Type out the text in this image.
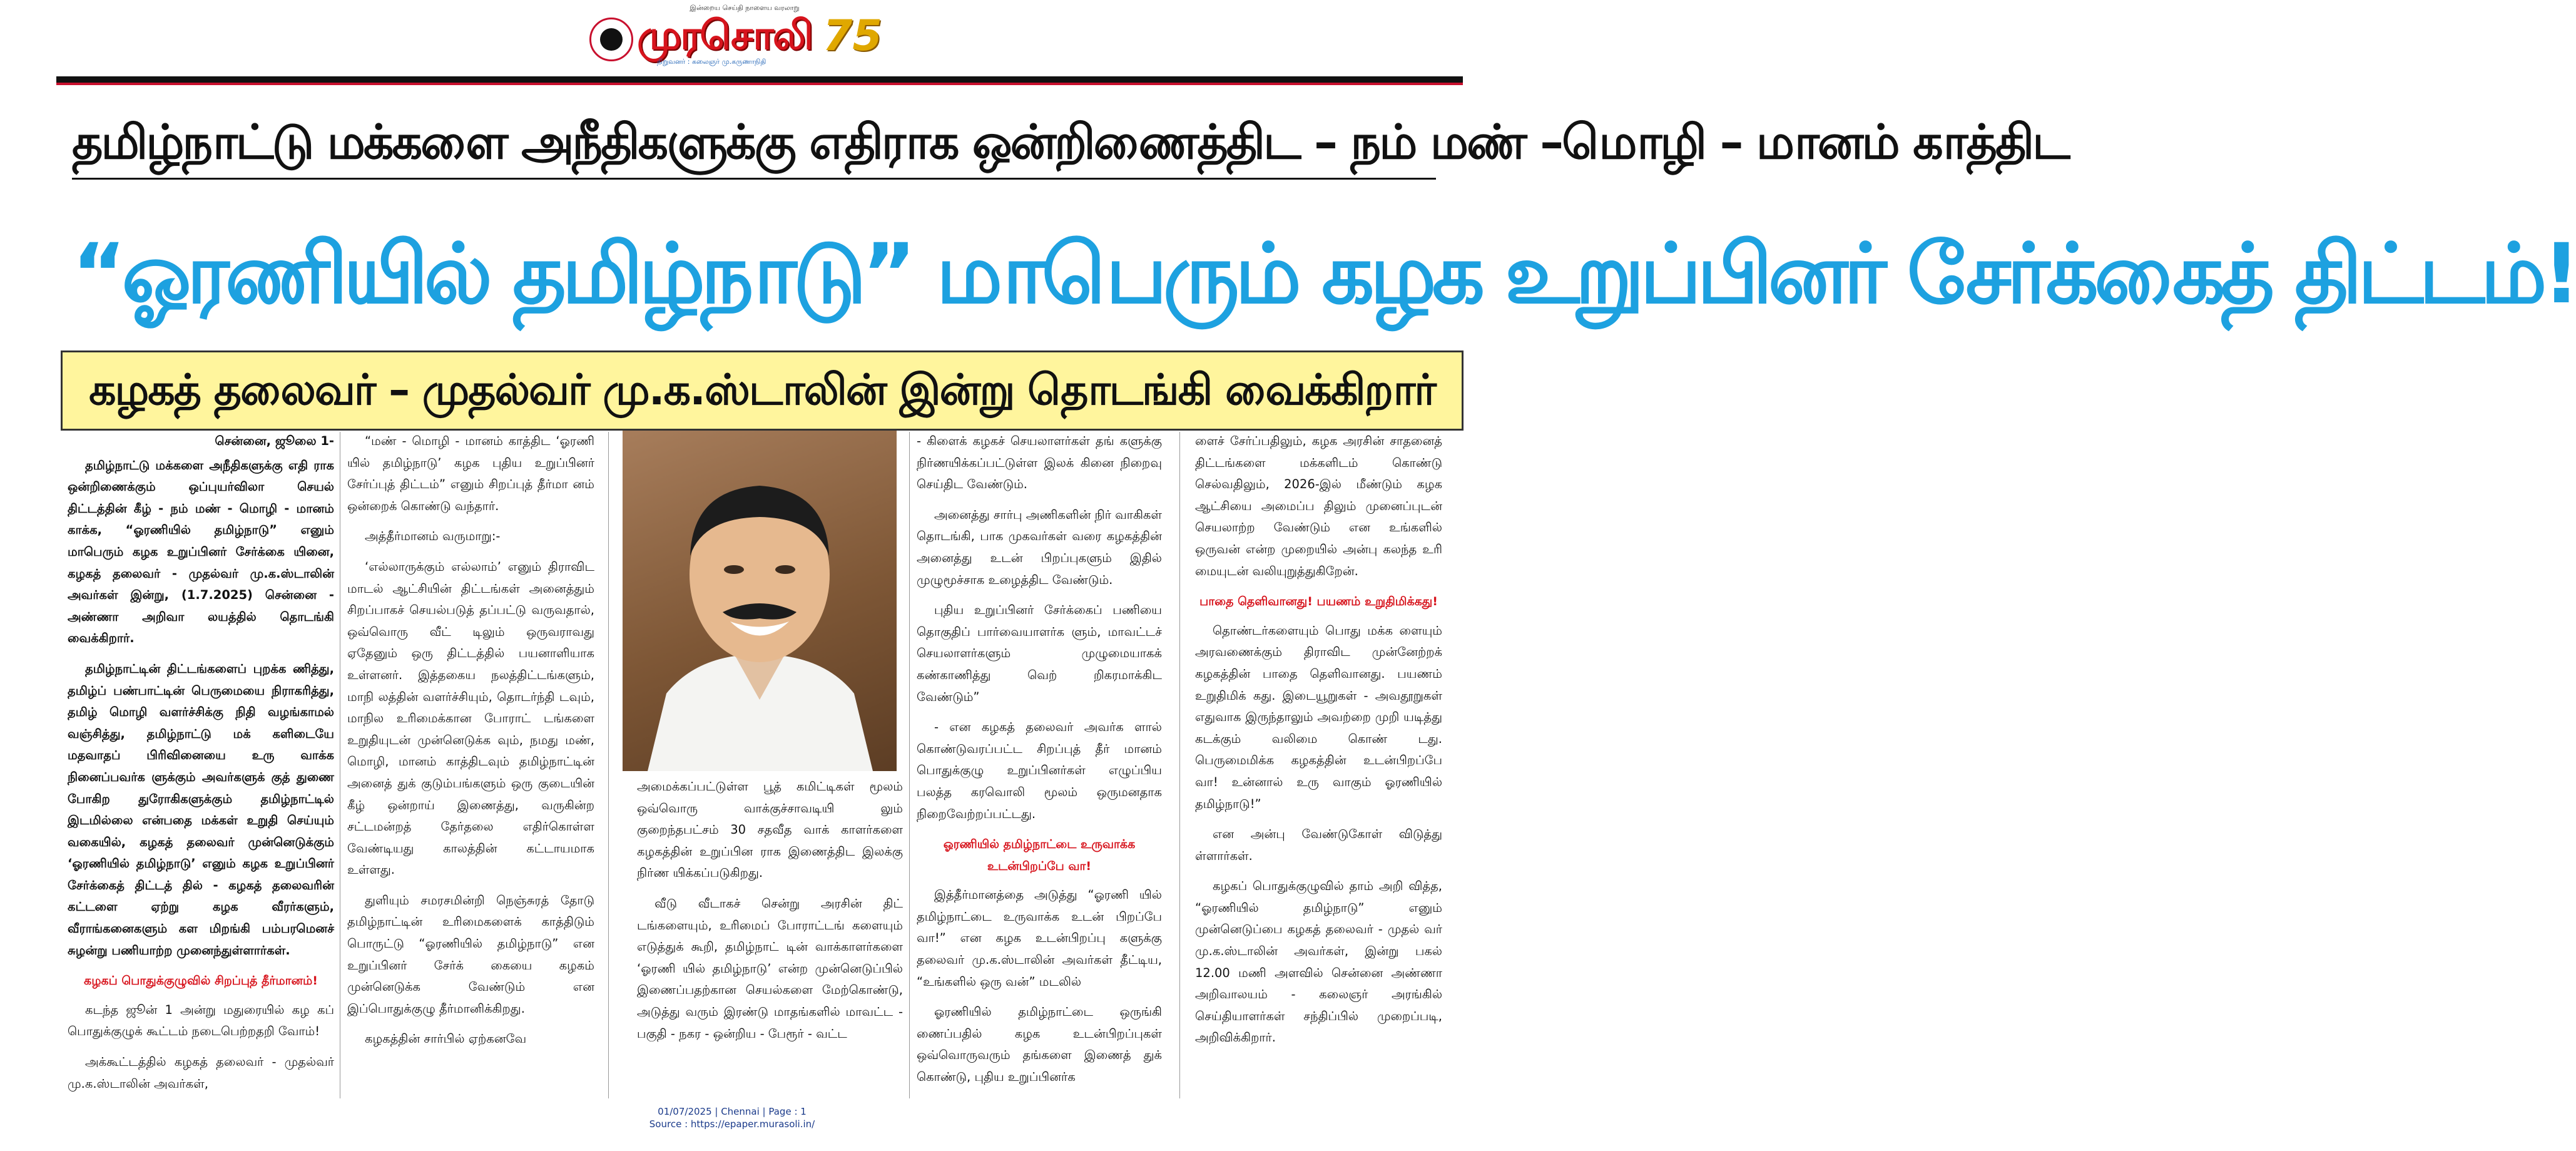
இன்றைய செய்தி நாளைய வரலாறு
முரசொலி
நிறுவனர் : கலைஞர் மு.கருணாநிதி
75
தமிழ்நாட்டு மக்களை அநீதிகளுக்கு எதிராக ஒன்றிணைத்திட – நம் மண் –மொழி – மானம் காத்திட
“ஓரணியில் தமிழ்நாடு” மாபெரும் கழக உறுப்பினர் சேர்க்கைத் திட்டம்!
கழகத் தலைவர் – முதல்வர் மு.க.ஸ்டாலின் இன்று தொடங்கி வைக்கிறார்
சென்னை, ஜூலை 1-

தமிழ்நாட்டு மக்களை அநீதிகளுக்கு எதி ராக ஒன்றிணைக்கும் ஒப்புயர்விலா செயல் திட்டத்தின் கீழ் - நம் மண் - மொழி - மானம் காக்க, “ஓரணியில் தமிழ்நாடு” எனும் மாபெரும் கழக உறுப்பினர் சேர்க்கை யினை, கழகத் தலைவர் - முதல்வர் மு.க.ஸ்டாலின் அவர்கள் இன்று, (1.7.2025) சென்னை - அண்ணா அறிவா லயத்தில் தொடங்கி வைக்கிறார்.

தமிழ்நாட்டின் திட்டங்களைப் புறக்க ணித்து, தமிழ்ப் பண்பாட்டின் பெருமையை நிராகரித்து, தமிழ் மொழி வளர்ச்சிக்கு நிதி வழங்காமல் வஞ்சித்து, தமிழ்நாட்டு மக் களிடையே மதவாதப் பிரிவினையை உரு வாக்க நினைப்பவர்க ளுக்கும் அவர்களுக் குத் துணை போகிற துரோகிகளுக்கும் தமிழ்நாட்டில் இடமில்லை என்பதை மக்கள் உறுதி செய்யும் வகையில், கழகத் தலைவர் முன்னெடுக்கும் ‘ஓரணியில் தமிழ்நாடு’ எனும் கழக உறுப்பினர் சேர்க்கைத் திட்டத் தில் - கழகத் தலைவரின் கட்டளை ஏற்று கழக வீரர்களும், வீராங்கனைகளும் கள மிறங்கி பம்பரமெனச் சுழன்று பணியாற்ற முனைந்துள்ளார்கள்.

கழகப் பொதுக்குழுவில் சிறப்புத் தீர்மானம்!

கடந்த ஜூன் 1 அன்று மதுரையில் கழ கப் பொதுக்குழுக் கூட்டம் நடைபெற்றதறி வோம்!

அக்கூட்டத்தில் கழகத் தலைவர் - முதல்வர் மு.க.ஸ்டாலின் அவர்கள்,

“மண் - மொழி - மானம் காத்திட ‘ஓரணி யில் தமிழ்நாடு’ கழக புதிய உறுப்பினர் சேர்ப்புத் திட்டம்” எனும் சிறப்புத் தீர்மா னம் ஒன்றைக் கொண்டு வந்தார்.

அத்தீர்மானம் வருமாறு:-

‘எல்லாருக்கும் எல்லாம்’ எனும் திராவிட மாடல் ஆட்சியின் திட்டங்கள் அனைத்தும் சிறப்பாகச் செயல்படுத் தப்பட்டு வருவதால், ஒவ்வொரு வீட் டிலும் ஒருவராவது ஏதேனும் ஒரு திட்டத்தில் பயனாளியாக உள்ளனர். இத்தகைய நலத்திட்டங்களும், மாநி லத்தின் வளர்ச்சியும், தொடர்ந்தி டவும், மாநில உரிமைக்கான போராட் டங்களை உறுதியுடன் முன்னெடுக்க வும், நமது மண், மொழி, மானம் காத்திடவும் தமிழ்நாட்டின் அனைத் துக் குடும்பங்களும் ஒரு குடையின் கீழ் ஒன்றாய் இணைத்து, வருகின்ற சட்டமன்றத் தேர்தலை எதிர்கொள்ள வேண்டியது காலத்தின் கட்டாயமாக உள்ளது.

துளியும் சமரசமின்றி நெஞ்சுரத் தோடு தமிழ்நாட்டின் உரிமைகளைக் காத்திடும் பொருட்டு “ஓரணியில் தமிழ்நாடு” என உறுப்பினர் சேர்க் கையை கழகம் முன்னெடுக்க வேண்டும் என இப்பொதுக்குழு தீர்மானிக்கிறது.

கழகத்தின் சார்பில் ஏற்கனவே

அமைக்கப்பட்டுள்ள பூத் கமிட்டிகள் மூலம் ஒவ்வொரு வாக்குச்சாவடியி லும் குறைந்தபட்சம் 30 சதவீத வாக் காளர்களை கழகத்தின் உறுப்பின ராக இணைத்திட இலக்கு நிர்ண யிக்கப்படுகிறது.

வீடு வீடாகச் சென்று அரசின் திட் டங்களையும், உரிமைப் போராட்டங் களையும் எடுத்துக் கூறி, தமிழ்நாட் டின் வாக்காளர்களை ‘ஓரணி யில் தமிழ்நாடு’ என்ற முன்னெடுப்பில் இணைப்பதற்கான செயல்களை மேற்கொண்டு, அடுத்து வரும் இரண்டு மாதங்களில் மாவட்ட - பகுதி - நகர - ஒன்றிய - பேரூர் - வட்ட

- கிளைக் கழகச் செயலாளர்கள் தங் களுக்கு நிர்ணயிக்கப்பட்டுள்ள இலக் கினை நிறைவு செய்திட வேண்டும்.

அனைத்து சார்பு அணிகளின் நிர் வாகிகள் தொடங்கி, பாக முகவர்கள் வரை கழகத்தின் அனைத்து உடன் பிறப்புகளும் இதில் முழுமூச்சாக உழைத்திட வேண்டும்.

புதிய உறுப்பினர் சேர்க்கைப் பணியை தொகுதிப் பார்வையாளர்க ளும், மாவட்டச் செயலாளர்களும் முழுமையாகக் கண்காணித்து வெற் றிகரமாக்கிட வேண்டும்”

- என கழகத் தலைவர் அவர்க ளால் கொண்டுவரப்பட்ட சிறப்புத் தீர் மானம் பொதுக்குழு உறுப்பினர்கள் எழுப்பிய பலத்த கரவொலி மூலம் ஒருமனதாக நிறைவேற்றப்பட்டது.

ஓரணியில் தமிழ்நாட்டை உருவாக்க உடன்பிறப்பே வா!

இத்தீர்மானத்தை அடுத்து “ஓரணி யில் தமிழ்நாட்டை உருவாக்க உடன் பிறப்பே வா!” என கழக உடன்பிறப்பு களுக்கு தலைவர் மு.க.ஸ்டாலின் அவர்கள் தீட்டிய, “உங்களில் ஒரு வன்” மடலில்

ஓரணியில் தமிழ்நாட்டை ஒருங்கி ணைப்பதில் கழக உடன்பிறப்புகள் ஒவ்வொருவரும் தங்களை இணைத் துக் கொண்டு, புதிய உறுப்பினர்க

ளைச் சேர்ப்பதிலும், கழக அரசின் சாதனைத் திட்டங்களை மக்களிடம் கொண்டு செல்வதிலும், 2026-இல் மீண்டும் கழக ஆட்சியை அமைப்ப திலும் முனைப்புடன் செயலாற்ற வேண்டும் என உங்களில் ஒருவன் என்ற முறையில் அன்பு கலந்த உரி மையுடன் வலியுறுத்துகிறேன்.

பாதை தெளிவானது! பயணம் உறுதிமிக்கது!

தொண்டர்களையும் பொது மக்க ளையும் அரவணைக்கும் திராவிட முன்னேற்றக் கழகத்தின் பாதை தெளிவானது. பயணம் உறுதிமிக் கது. இடையூறுகள் - அவதூறுகள் எதுவாக இருந்தாலும் அவற்றை முறி யடித்து கடக்கும் வலிமை கொண் டது. பெருமைமிக்க கழகத்தின் உடன்பிறப்பே வா! உன்னால் உரு வாகும் ஓரணியில் தமிழ்நாடு!”

என அன்பு வேண்டுகோள் விடுத்து ள்ளார்கள்.

கழகப் பொதுக்குழுவில் தாம் அறி வித்த, “ஓரணியில் தமிழ்நாடு” எனும் முன்னெடுப்பை கழகத் தலைவர் - முதல் வர் மு.க.ஸ்டாலின் அவர்கள், இன்று பகல் 12.00 மணி அளவில் சென்னை அண்ணா அறிவாலயம் - கலைஞர் அரங்கில் செய்தியாளர்கள் சந்திப்பில் முறைப்படி, அறிவிக்கிறார்.

01/07/2025 | Chennai | Page : 1
Source : https://epaper.murasoli.in/
